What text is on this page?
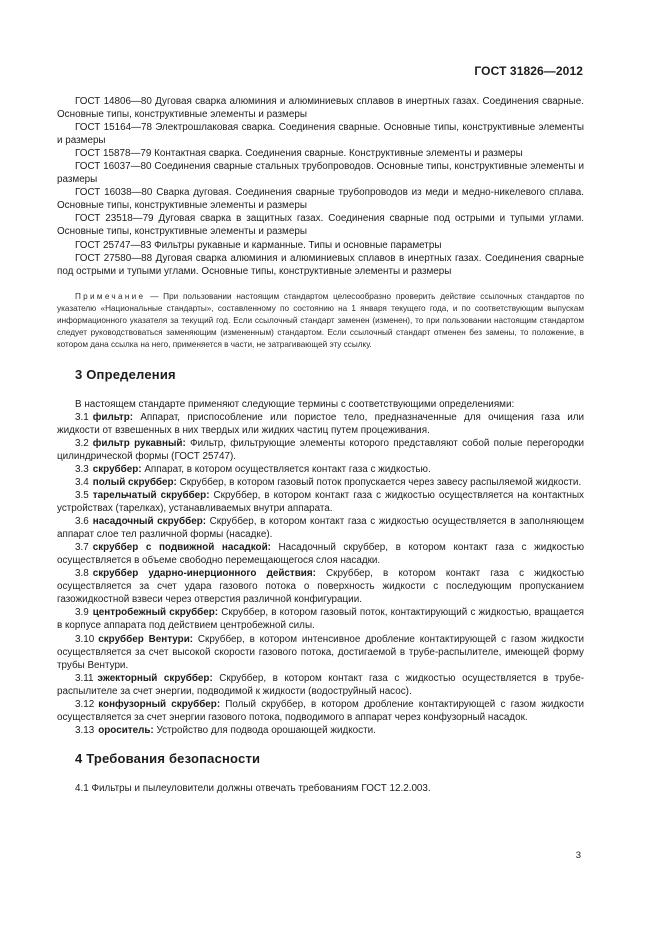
ГОСТ 31826—2012

ГОСТ 14806—80 Дуговая сварка алюминия и алюминиевых сплавов в инертных газах. Соединения сварные. Основные типы, конструктивные элементы и размеры

ГОСТ 15164—78 Электрошлаковая сварка. Соединения сварные. Основные типы, конструктивные элементы и размеры

ГОСТ 15878—79 Контактная сварка. Соединения сварные. Конструктивные элементы и размеры

ГОСТ 16037—80 Соединения сварные стальных трубопроводов. Основные типы, конструктивные элементы и размеры

ГОСТ 16038—80 Сварка дуговая. Соединения сварные трубопроводов из меди и медно-никелевого сплава. Основные типы, конструктивные элементы и размеры

ГОСТ 23518—79 Дуговая сварка в защитных газах. Соединения сварные под острыми и тупыми углами. Основные типы, конструктивные элементы и размеры

ГОСТ 25747—83 Фильтры рукавные и карманные. Типы и основные параметры

ГОСТ 27580—88 Дуговая сварка алюминия и алюминиевых сплавов в инертных газах. Соединения сварные под острыми и тупыми углами. Основные типы, конструктивные элементы и размеры

Примечание — При пользовании настоящим стандартом целесообразно проверить действие ссылочных стандартов по указателю «Национальные стандарты», составленному по состоянию на 1 января текущего года, и по соответствующим выпускам информационного указателя за текущий год. Если ссылочный стандарт заменен (изменен), то при пользовании настоящим стандартом следует руководствоваться заменяющим (измененным) стандартом. Если ссылочный стандарт отменен без замены, то положение, в котором дана ссылка на него, применяется в части, не затрагивающей эту ссылку.

3 Определения

В настоящем стандарте применяют следующие термины с соответствующими определениями:

3.1 фильтр: Аппарат, приспособление или пористое тело, предназначенные для очищения газа или жидкости от взвешенных в них твердых или жидких частиц путем процеживания.

3.2 фильтр рукавный: Фильтр, фильтрующие элементы которого представляют собой полые перегородки цилиндрической формы (ГОСТ 25747).

3.3 скруббер: Аппарат, в котором осуществляется контакт газа с жидкостью.

3.4 полый скруббер: Скруббер, в котором газовый поток пропускается через завесу распыляемой жидкости.

3.5 тарельчатый скруббер: Скруббер, в котором контакт газа с жидкостью осуществляется на контактных устройствах (тарелках), устанавливаемых внутри аппарата.

3.6 насадочный скруббер: Скруббер, в котором контакт газа с жидкостью осуществляется в заполняющем аппарат слое тел различной формы (насадке).

3.7 скруббер с подвижной насадкой: Насадочный скруббер, в котором контакт газа с жидкостью осуществляется в объеме свободно перемещающегося слоя насадки.

3.8 скруббер ударно-инерционного действия: Скруббер, в котором контакт газа с жидкостью осуществляется за счет удара газового потока о поверхность жидкости с последующим пропусканием газожидкостной взвеси через отверстия различной конфигурации.

3.9 центробежный скруббер: Скруббер, в котором газовый поток, контактирующий с жидкостью, вращается в корпусе аппарата под действием центробежной силы.

3.10 скруббер Вентури: Скруббер, в котором интенсивное дробление контактирующей с газом жидкости осуществляется за счет высокой скорости газового потока, достигаемой в трубе-распылителе, имеющей форму трубы Вентури.

3.11 эжекторный скруббер: Скруббер, в котором контакт газа с жидкостью осуществляется в трубе-распылителе за счет энергии, подводимой к жидкости (водоструйный насос).

3.12 конфузорный скруббер: Полый скруббер, в котором дробление контактирующей с газом жидкости осуществляется за счет энергии газового потока, подводимого в аппарат через конфузорный насадок.

3.13 ороситель: Устройство для подвода орошающей жидкости.

4 Требования безопасности

4.1 Фильтры и пылеуловители должны отвечать требованиям ГОСТ 12.2.003.

3
